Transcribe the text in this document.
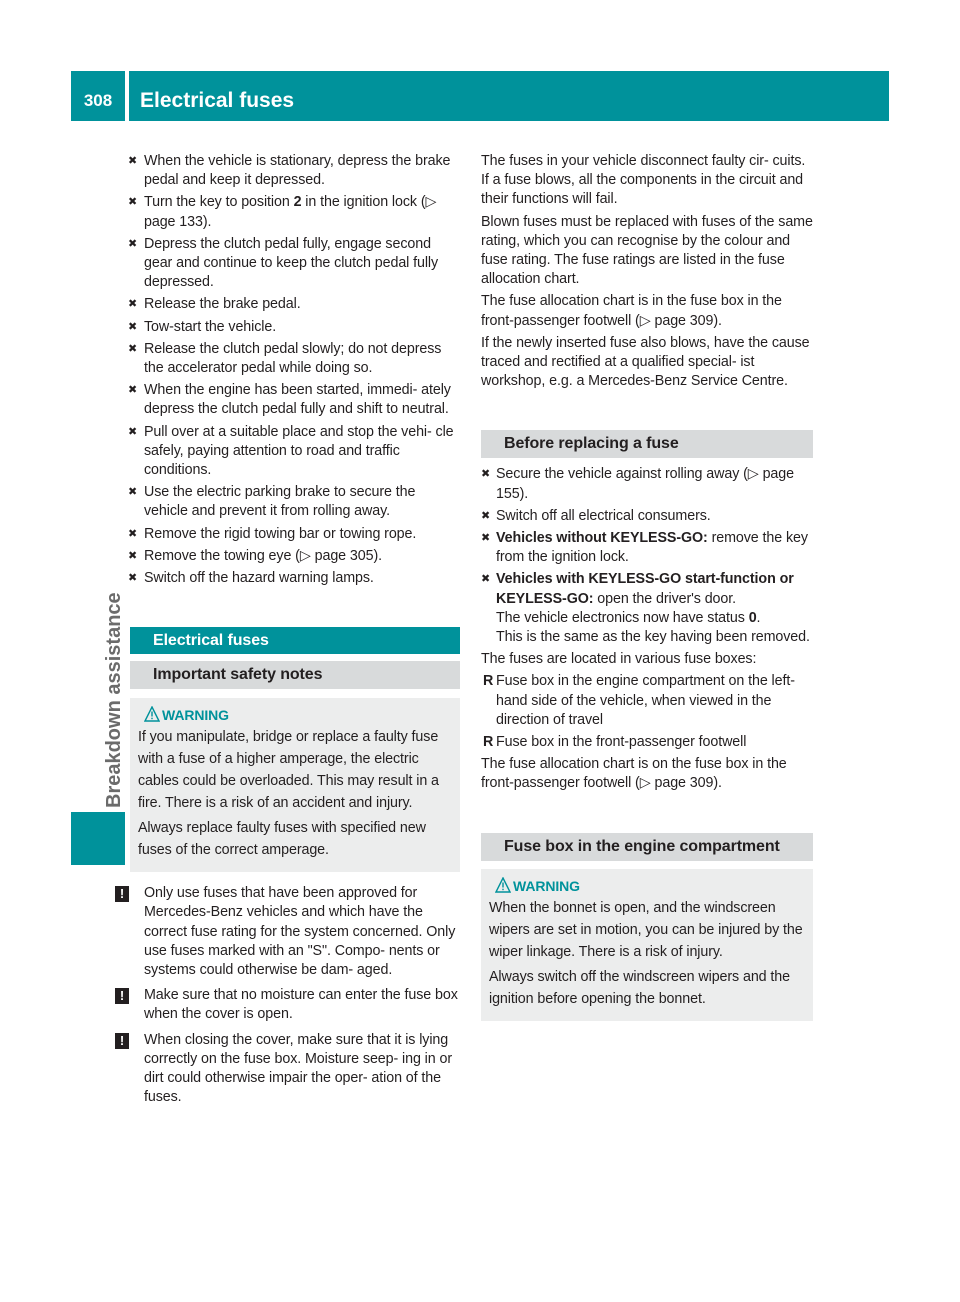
308	Electrical fuses
Breakdown assistance
✖ When the vehicle is stationary, depress the brake pedal and keep it depressed.
✖ Turn the key to position 2 in the ignition lock (▷ page 133).
✖ Depress the clutch pedal fully, engage second gear and continue to keep the clutch pedal fully depressed.
✖ Release the brake pedal.
✖ Tow-start the vehicle.
✖ Release the clutch pedal slowly; do not depress the accelerator pedal while doing so.
✖ When the engine has been started, immedi- ately depress the clutch pedal fully and shift to neutral.
✖ Pull over at a suitable place and stop the vehi- cle safely, paying attention to road and traffic conditions.
✖ Use the electric parking brake to secure the vehicle and prevent it from rolling away.
✖ Remove the rigid towing bar or towing rope.
✖ Remove the towing eye (▷ page 305).
✖ Switch off the hazard warning lamps.
Electrical fuses
Important safety notes
WARNING

If you manipulate, bridge or replace a faulty fuse with a fuse of a higher amperage, the electric cables could be overloaded. This may result in a fire. There is a risk of an accident and injury.

Always replace faulty fuses with specified new fuses of the correct amperage.

!	Only use fuses that have been approved for Mercedes-Benz vehicles and which have the correct fuse rating for the system concerned. Only use fuses marked with an "S". Compo- nents or systems could otherwise be dam- aged.
!	Make sure that no moisture can enter the fuse box when the cover is open.
!	When closing the cover, make sure that it is lying correctly on the fuse box. Moisture seep- ing in or dirt could otherwise impair the oper- ation of the fuses.

The fuses in your vehicle disconnect faulty cir- cuits. If a fuse blows, all the components in the circuit and their functions will fail.

Blown fuses must be replaced with fuses of the same rating, which you can recognise by the colour and fuse rating. The fuse ratings are listed in the fuse allocation chart.

The fuse allocation chart is in the fuse box in the front-passenger footwell (▷ page 309).

If the newly inserted fuse also blows, have the cause traced and rectified at a qualified special- ist workshop, e.g. a Mercedes-Benz Service Centre.

Before replacing a fuse
✖ Secure the vehicle against rolling away (▷ page 155).
✖ Switch off all electrical consumers.
✖ Vehicles without KEYLESS-GO: remove the key from the ignition lock.
✖ Vehicles with KEYLESS-GO start-function or KEYLESS-GO: open the driver's door.
The vehicle electronics now have status 0.
This is the same as the key having been removed.

The fuses are located in various fuse boxes:

R Fuse box in the engine compartment on the left-hand side of the vehicle, when viewed in the direction of travel
R Fuse box in the front-passenger footwell

The fuse allocation chart is on the fuse box in the front-passenger footwell (▷ page 309).

Fuse box in the engine compartment
WARNING

When the bonnet is open, and the windscreen wipers are set in motion, you can be injured by the wiper linkage. There is a risk of injury.

Always switch off the windscreen wipers and the ignition before opening the bonnet.
